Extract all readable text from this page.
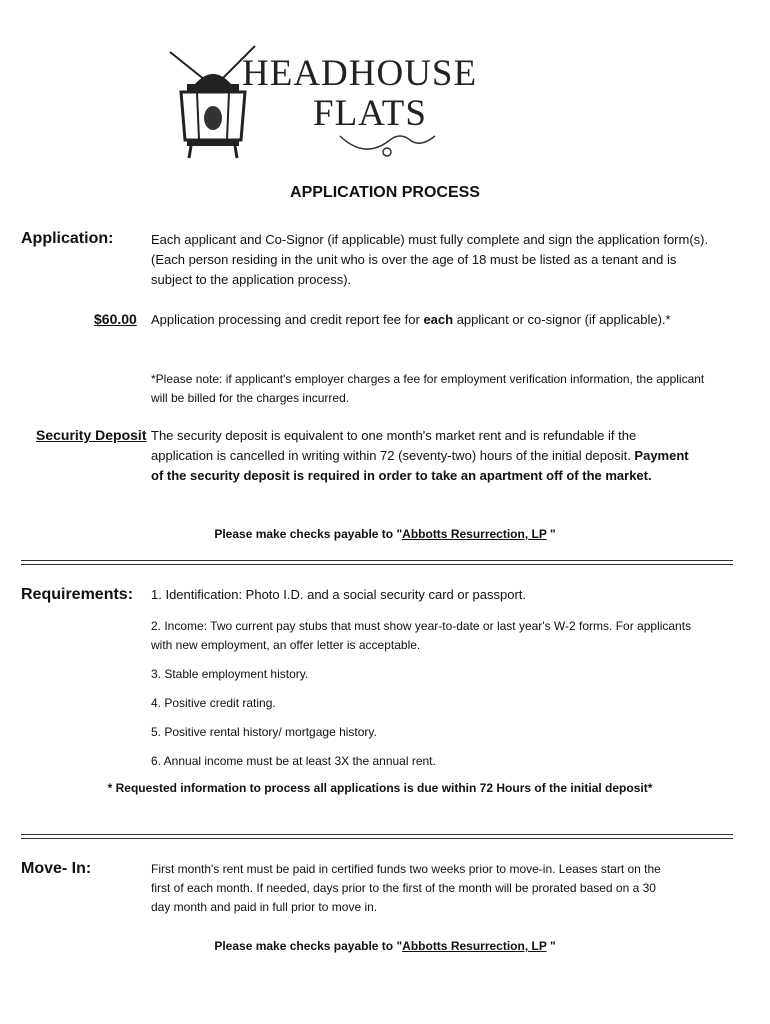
HEADHOUSE
FLATS
APPLICATION PROCESS
Application:	Each applicant and Co-Signor (if applicable) must fully complete and sign the application form(s). (Each person residing in the unit who is over the age of 18 must be listed as a tenant and is subject to the application process).
$60.00 Application processing and credit report fee for each applicant or co-signor (if applicable).*
*Please note: if applicant's employer charges a fee for employment verification information, the applicant will be billed for the charges incurred.
Security Deposit The security deposit is equivalent to one month's market rent and is refundable if the application is cancelled in writing within 72 (seventy-two) hours of the initial deposit. Payment of the security deposit is required in order to take an apartment off of the market.
Please make checks payable to "Abbotts Resurrection, LP "
Requirements: 1. Identification: Photo I.D. and a social security card or passport.
2. Income: Two current pay stubs that must show year-to-date or last year's W-2 forms. For applicants with new employment, an offer letter is acceptable.
3. Stable employment history.
4. Positive credit rating.
5. Positive rental history/ mortgage history.
6. Annual income must be at least 3X the annual rent.
* Requested information to process all applications is due within 72 Hours of the initial deposit*
Move- In:	First month's rent must be paid in certified funds two weeks prior to move-in. Leases start on the first of each month. If needed, days prior to the first of the month will be prorated based on a 30 day month and paid in full prior to move in.
Please make checks payable to "Abbotts Resurrection, LP "
